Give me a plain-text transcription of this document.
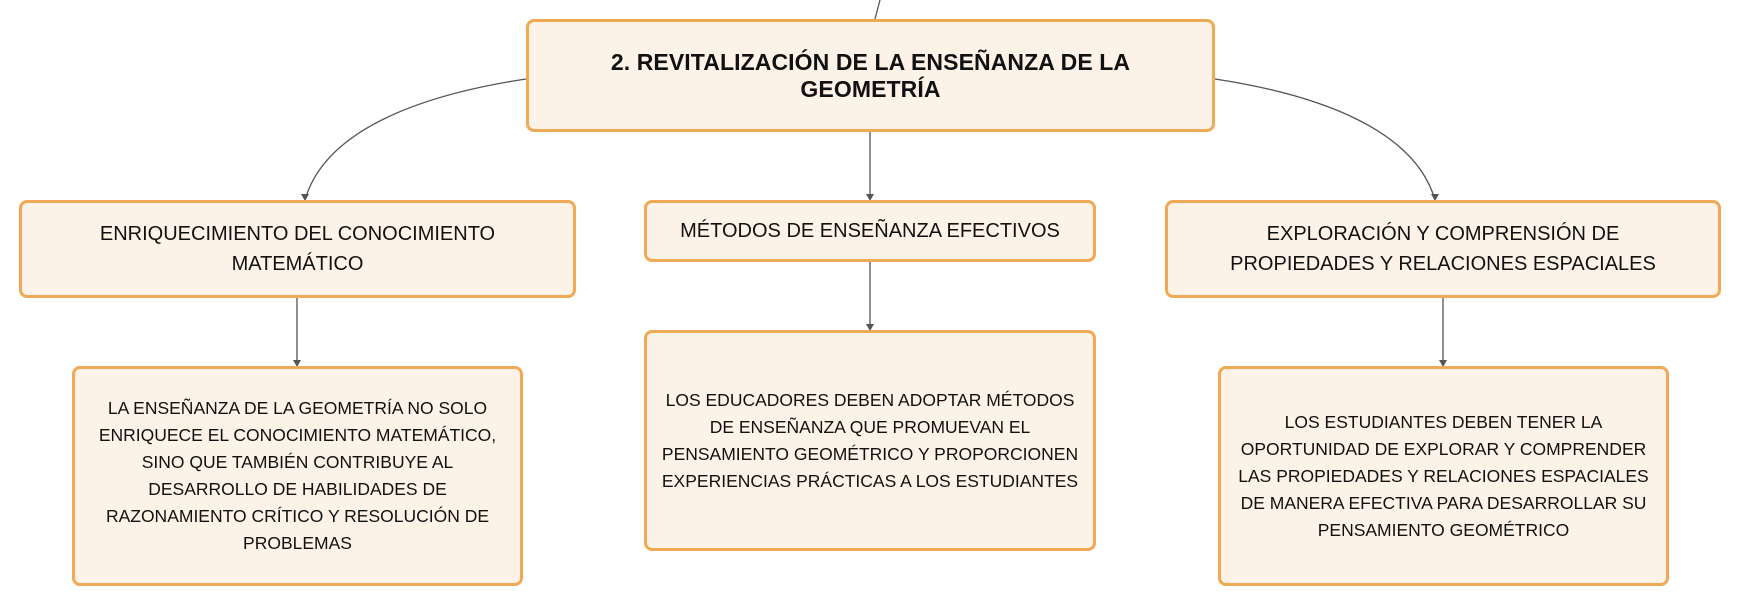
2. REVITALIZACIÓN DE LA ENSEÑANZA DE LA GEOMETRÍA
ENRIQUECIMIENTO DEL CONOCIMIENTO MATEMÁTICO
MÉTODOS DE ENSEÑANZA EFECTIVOS	EXPLORACIÓN Y COMPRENSIÓN DE PROPIEDADES Y RELACIONES ESPACIALES
LA ENSEÑANZA DE LA GEOMETRÍA NO SOLO ENRIQUECE EL CONOCIMIENTO MATEMÁTICO, SINO QUE TAMBIÉN CONTRIBUYE AL DESARROLLO DE HABILIDADES DE RAZONAMIENTO CRÍTICO Y RESOLUCIÓN DE PROBLEMAS
LOS EDUCADORES DEBEN ADOPTAR MÉTODOS DE ENSEÑANZA QUE PROMUEVAN EL PENSAMIENTO GEOMÉTRICO Y PROPORCIONEN EXPERIENCIAS PRÁCTICAS A LOS ESTUDIANTES
LOS ESTUDIANTES DEBEN TENER LA OPORTUNIDAD DE EXPLORAR Y COMPRENDER LAS PROPIEDADES Y RELACIONES ESPACIALES DE MANERA EFECTIVA PARA DESARROLLAR SU PENSAMIENTO GEOMÉTRICO
